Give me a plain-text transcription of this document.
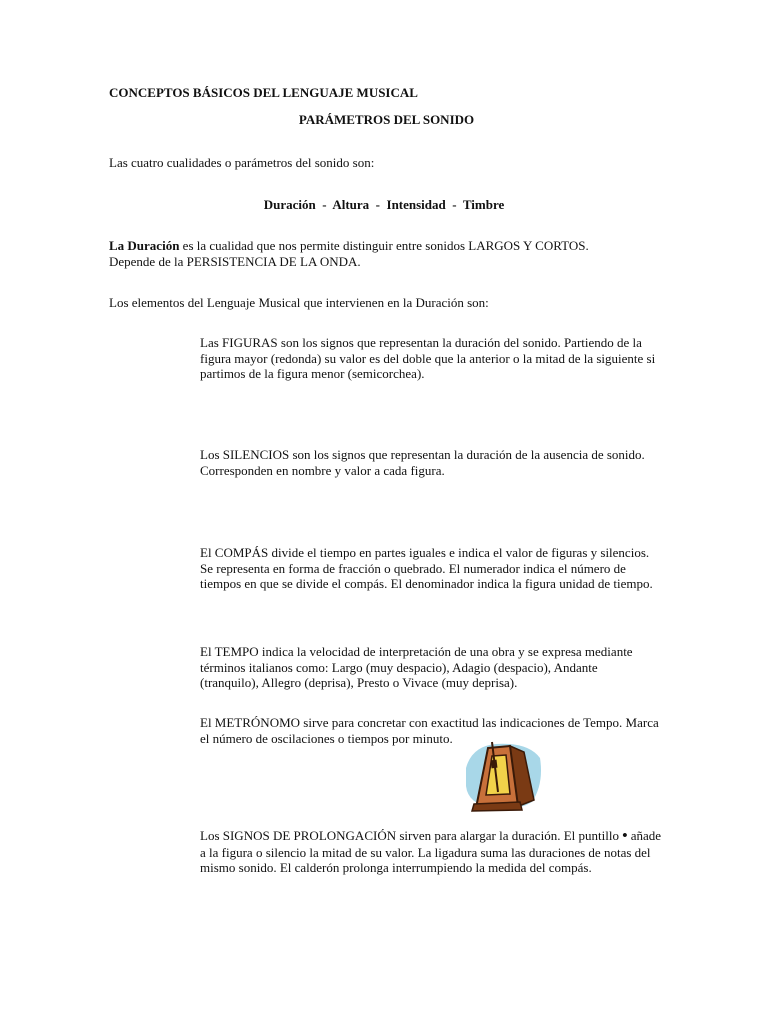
CONCEPTOS BÁSICOS DEL LENGUAJE MUSICAL

PARÁMETROS DEL SONIDO

Las cuatro cualidades o parámetros del sonido son:

Duración  -  Altura  -  Intensidad  -  Timbre

La Duración es la cualidad que nos permite distinguir entre sonidos LARGOS Y CORTOS.
Depende de la PERSISTENCIA DE LA ONDA.

Los elementos del Lenguaje Musical que intervienen en la Duración son:

Las FIGURAS son los signos que representan la duración del sonido. Partiendo de la
figura mayor (redonda) su valor es del doble que la anterior o la mitad de la siguiente si
partimos de la figura menor (semicorchea).
Los SILENCIOS son los signos que representan la duración de la ausencia de sonido.
Corresponden en nombre y valor a cada figura.
El COMPÁS divide el tiempo en partes iguales e indica el valor de figuras y silencios.
Se representa en forma de fracción o quebrado. El numerador indica el número de
tiempos en que se divide el compás. El denominador indica la figura unidad de tiempo.
El TEMPO indica la velocidad de interpretación de una obra y se expresa mediante
términos italianos como: Largo (muy despacio), Adagio (despacio), Andante
(tranquilo), Allegro (deprisa), Presto o Vivace (muy deprisa).
El METRÓNOMO sirve para concretar con exactitud las indicaciones de Tempo. Marca
el número de oscilaciones o tiempos por minuto.
Los SIGNOS DE PROLONGACIÓN sirven para alargar la duración. El puntillo • añade
a la figura o silencio la mitad de su valor. La ligadura suma las duraciones de notas del
mismo sonido. El calderón prolonga interrumpiendo la medida del compás.
